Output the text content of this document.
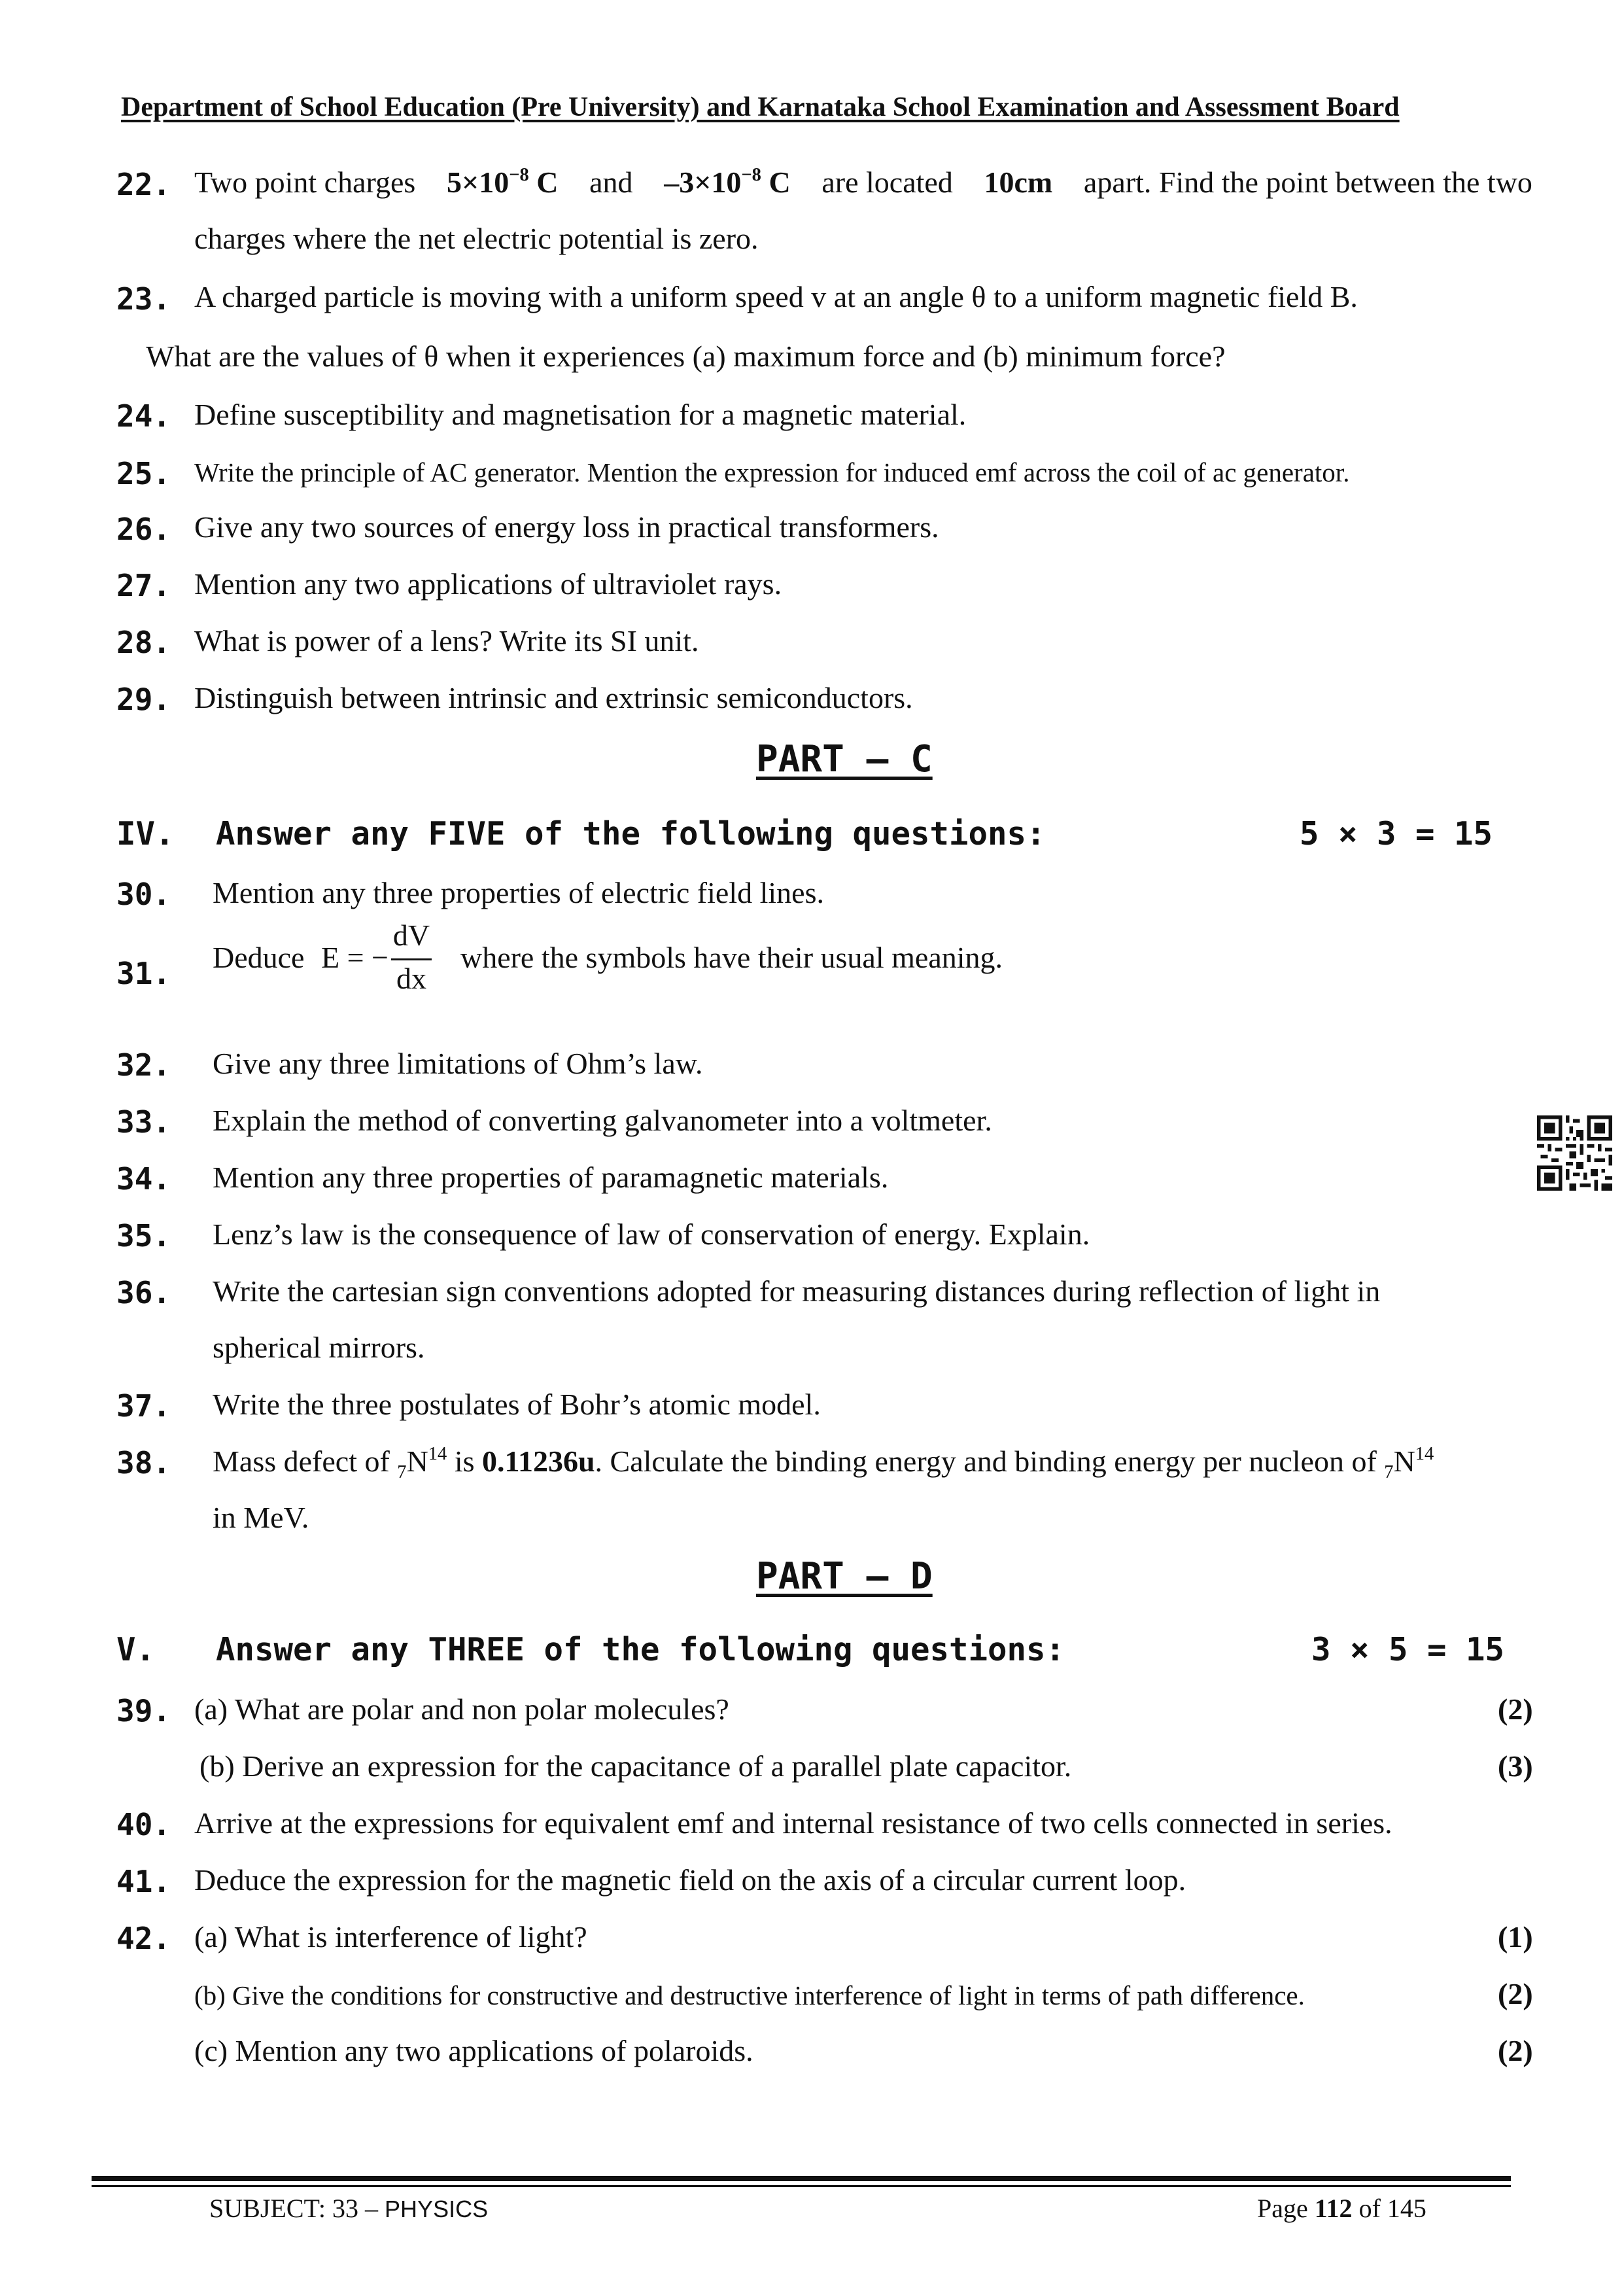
Department of School Education (Pre University) and Karnataka School Examination and Assessment Board
22. Two point charges $5\times 10^{-8}$ C and $-3\times 10^{-8}$ C are located 10cm apart. Find the point between the two
charges where the net electric potential is zero.
23. A charged particle is moving with a uniform speed v at an angle θ to a uniform magnetic field B.
What are the values of θ when it experiences (a) maximum force and (b) minimum force?
24. Define susceptibility and magnetisation for a magnetic material.
25. Write the principle of AC generator. Mention the expression for induced emf across the coil of ac generator.
26. Give any two sources of energy loss in practical transformers.
27. Mention any two applications of ultraviolet rays.
28. What is power of a lens? Write its SI unit.
29. Distinguish between intrinsic and extrinsic semiconductors.
PART – C
IV. Answer any FIVE of the following questions:	5 × 3 = 15
30. Mention any three properties of electric field lines.
31. Deduce E = − $\frac{dV}{dx}$ where the symbols have their usual meaning.
32. Give any three limitations of Ohm’s law.
33. Explain the method of converting galvanometer into a voltmeter.
34. Mention any three properties of paramagnetic materials.
35. Lenz’s law is the consequence of law of conservation of energy. Explain.
36. Write the cartesian sign conventions adopted for measuring distances during reflection of light in
spherical mirrors.
37. Write the three postulates of Bohr’s atomic model.
38. Mass defect of $_7N^{14}$ is 0.11236u. Calculate the binding energy and binding energy per nucleon of $_7N^{14}$
in MeV.
PART – D
V. Answer any THREE of the following questions:	3 × 5 = 15
39. (a) What are polar and non polar molecules?	(2)
(b) Derive an expression for the capacitance of a parallel plate capacitor.	(3)
40. Arrive at the expressions for equivalent emf and internal resistance of two cells connected in series.
41. Deduce the expression for the magnetic field on the axis of a circular current loop.
42. (a) What is interference of light?	(1)
(b) Give the conditions for constructive and destructive interference of light in terms of path difference.	(2)
(c) Mention any two applications of polaroids.	(2)
SUBJECT: 33 – PHYSICS	Page 112 of 145
